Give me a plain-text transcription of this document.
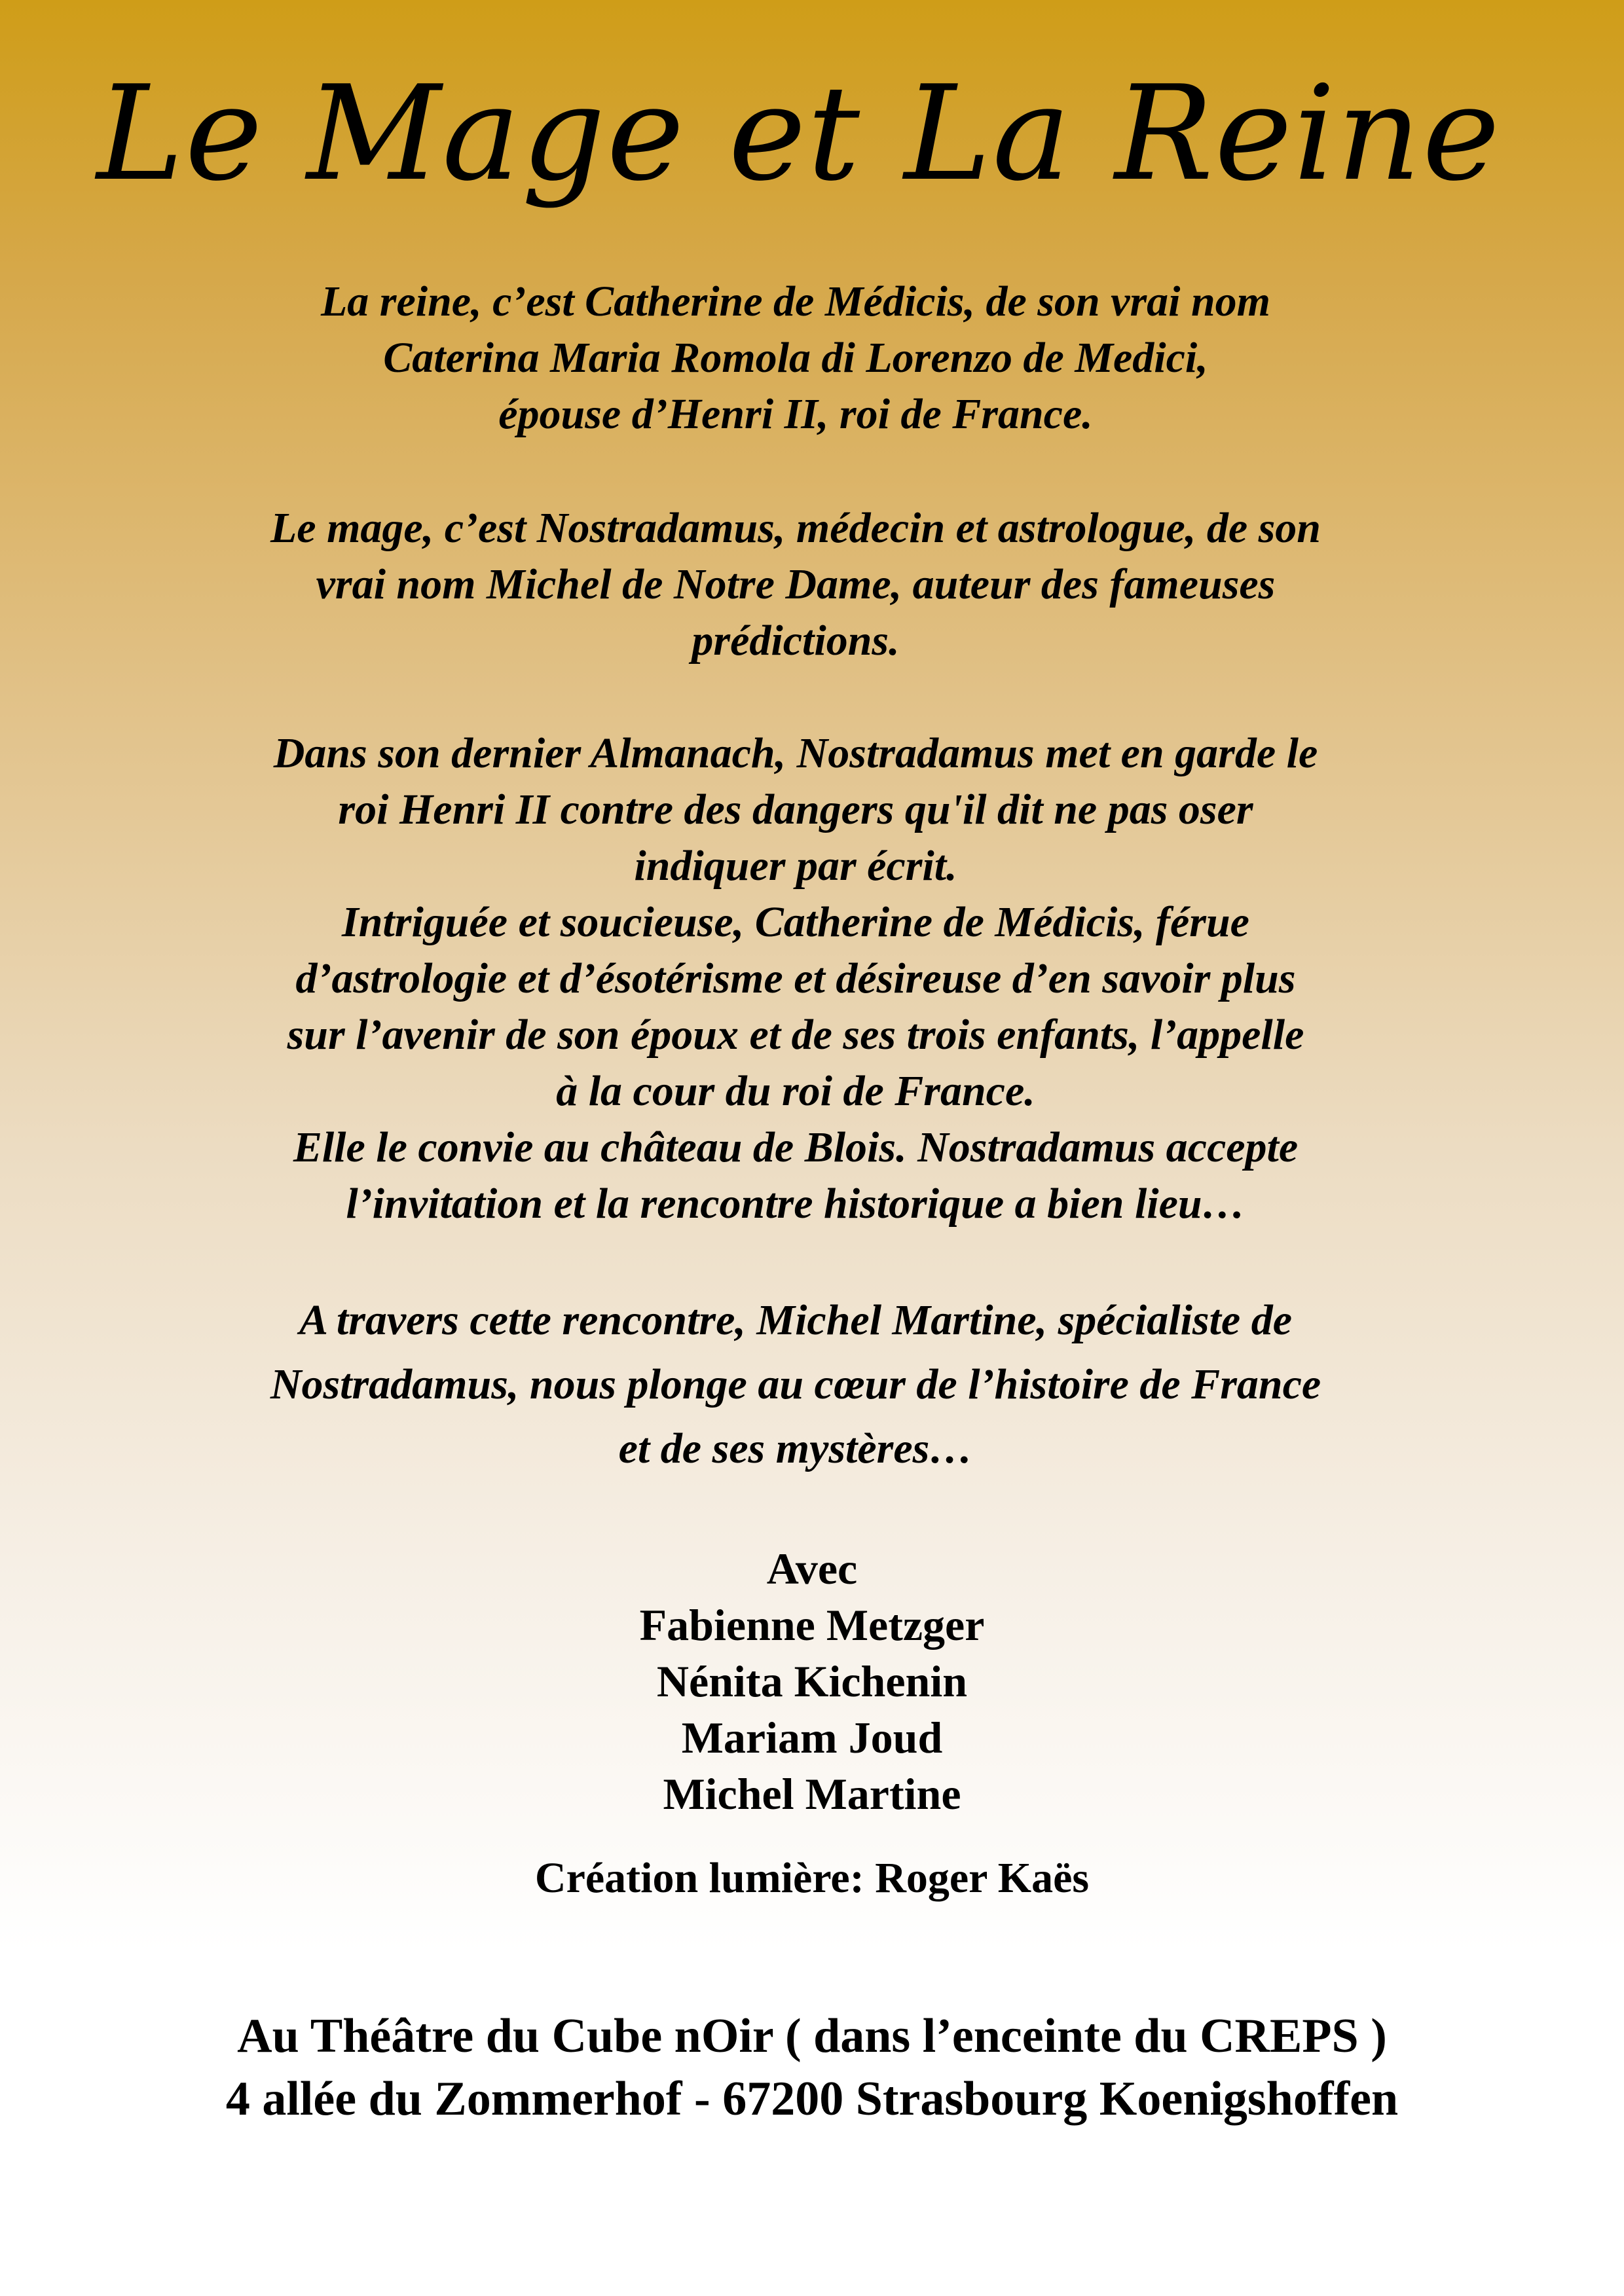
Le Mage et La Reine
La reine, c’est Catherine de Médicis, de son vrai nom
Caterina Maria Romola di Lorenzo de Medici,
épouse d’Henri II, roi de France.
Le mage, c’est Nostradamus, médecin et astrologue, de son
vrai nom Michel de Notre Dame, auteur des fameuses
prédictions.
Dans son dernier Almanach, Nostradamus met en garde le
roi Henri II contre des dangers qu'il dit ne pas oser
indiquer par écrit.
Intriguée et soucieuse, Catherine de Médicis, férue
d’astrologie et d’ésotérisme et désireuse d’en savoir plus
sur l’avenir de son époux et de ses trois enfants, l’appelle
à la cour du roi de France.
Elle le convie au château de Blois. Nostradamus accepte
l’invitation et la rencontre historique a bien lieu…
A travers cette rencontre, Michel Martine, spécialiste de
Nostradamus, nous plonge au cœur de l’histoire de France
et de ses mystères…
Avec
Fabienne Metzger
Nénita Kichenin
Mariam Joud
Michel Martine
Création lumière: Roger Kaës
Au Théâtre du Cube nOir ( dans l’enceinte du CREPS )
4 allée du Zommerhof - 67200 Strasbourg Koenigshoffen
